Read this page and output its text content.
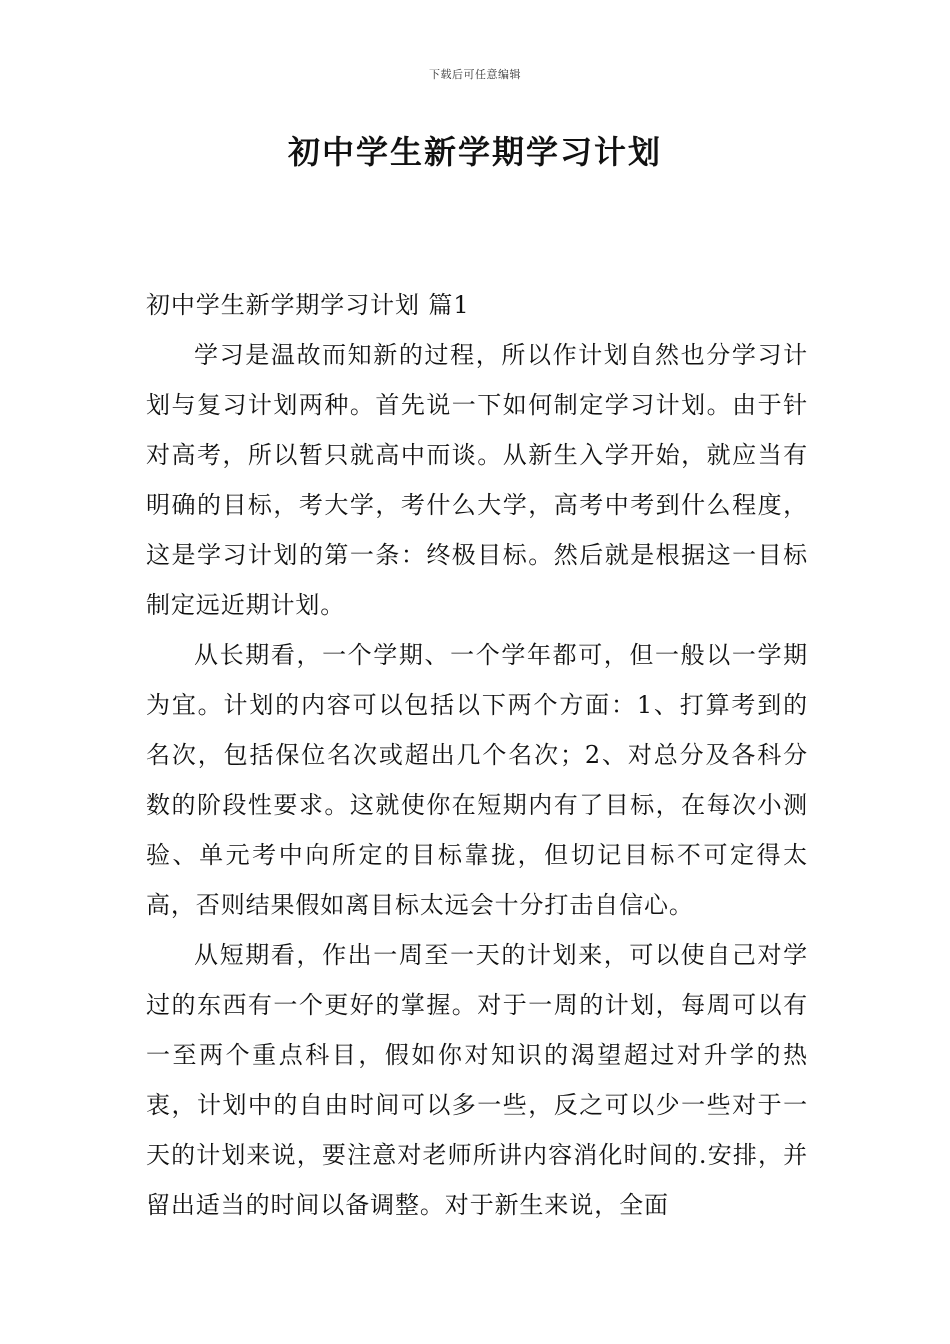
下载后可任意编辑
初中学生新学期学习计划
初中学生新学期学习计划 篇1

学习是温故而知新的过程，所以作计划自然也分学习计划与复习计划两种。首先说一下如何制定学习计划。由于针对高考，所以暂只就高中而谈。从新生入学开始，就应当有明确的目标，考大学，考什么大学，高考中考到什么程度，这是学习计划的第一条：终极目标。然后就是根据这一目标制定远近期计划。

从长期看，一个学期、一个学年都可，但一般以一学期为宜。计划的内容可以包括以下两个方面：1、打算考到的名次，包括保位名次或超出几个名次；2、对总分及各科分数的阶段性要求。这就使你在短期内有了目标，在每次小测验、单元考中向所定的目标靠拢，但切记目标不可定得太高，否则结果假如离目标太远会十分打击自信心。

从短期看，作出一周至一天的计划来，可以使自己对学过的东西有一个更好的掌握。对于一周的计划，每周可以有一至两个重点科目，假如你对知识的渴望超过对升学的热衷，计划中的自由时间可以多一些，反之可以少一些对于一天的计划来说，要注意对老师所讲内容消化时间的.安排，并留出适当的时间以备调整。对于新生来说，全面
